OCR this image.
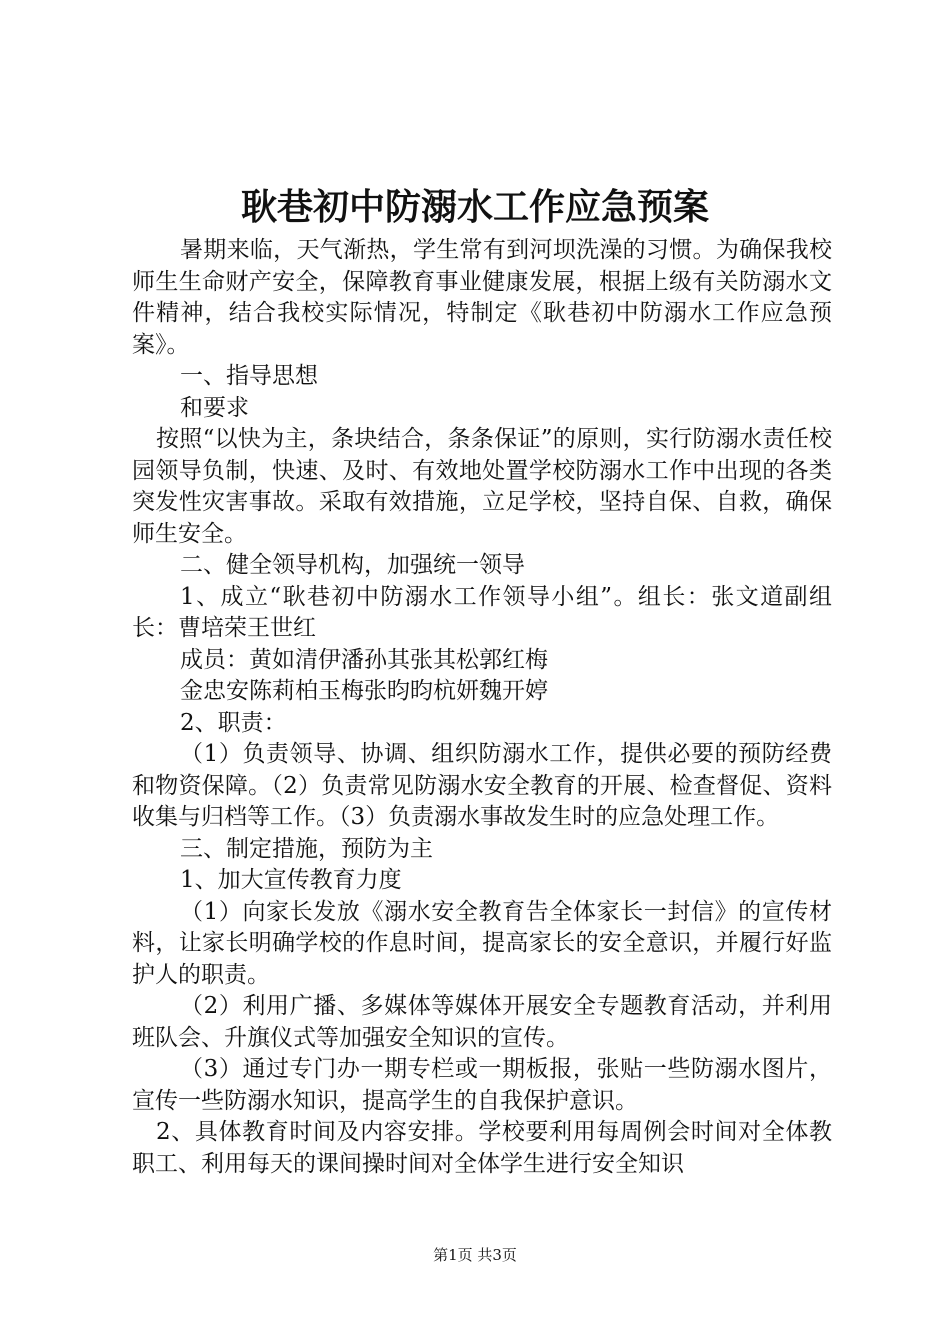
耿巷初中防溺水工作应急预案

暑期来临，天气渐热，学生常有到河坝洗澡的习惯。为确保我校师生生命财产安全，保障教育事业健康发展，根据上级有关防溺水文件精神，结合我校实际情况，特制定《耿巷初中防溺水工作应急预案》。

一、指导思想

和要求

按照“以快为主，条块结合，条条保证”的原则，实行防溺水责任校园领导负制，快速、及时、有效地处置学校防溺水工作中出现的各类突发性灾害事故。采取有效措施，立足学校，坚持自保、自救，确保师生安全。

二、健全领导机构，加强统一领导

1、成立“耿巷初中防溺水工作领导小组”。组长：张文道副组长：曹培荣王世红

成员：黄如清伊潘孙其张其松郭红梅

金忠安陈莉柏玉梅张昀昀杭妍魏开婷

2、职责：

（1）负责领导、协调、组织防溺水工作，提供必要的预防经费和物资保障。（2）负责常见防溺水安全教育的开展、检查督促、资料收集与归档等工作。（3）负责溺水事故发生时的应急处理工作。

三、制定措施，预防为主

1、加大宣传教育力度

（1）向家长发放《溺水安全教育告全体家长一封信》的宣传材料，让家长明确学校的作息时间，提高家长的安全意识，并履行好监护人的职责。

（2）利用广播、多媒体等媒体开展安全专题教育活动，并利用班队会、升旗仪式等加强安全知识的宣传。

（3）通过专门办一期专栏或一期板报，张贴一些防溺水图片，宣传一些防溺水知识，提高学生的自我保护意识。

2、具体教育时间及内容安排。学校要利用每周例会时间对全体教职工、利用每天的课间操时间对全体学生进行安全知识

第1页 共3页
